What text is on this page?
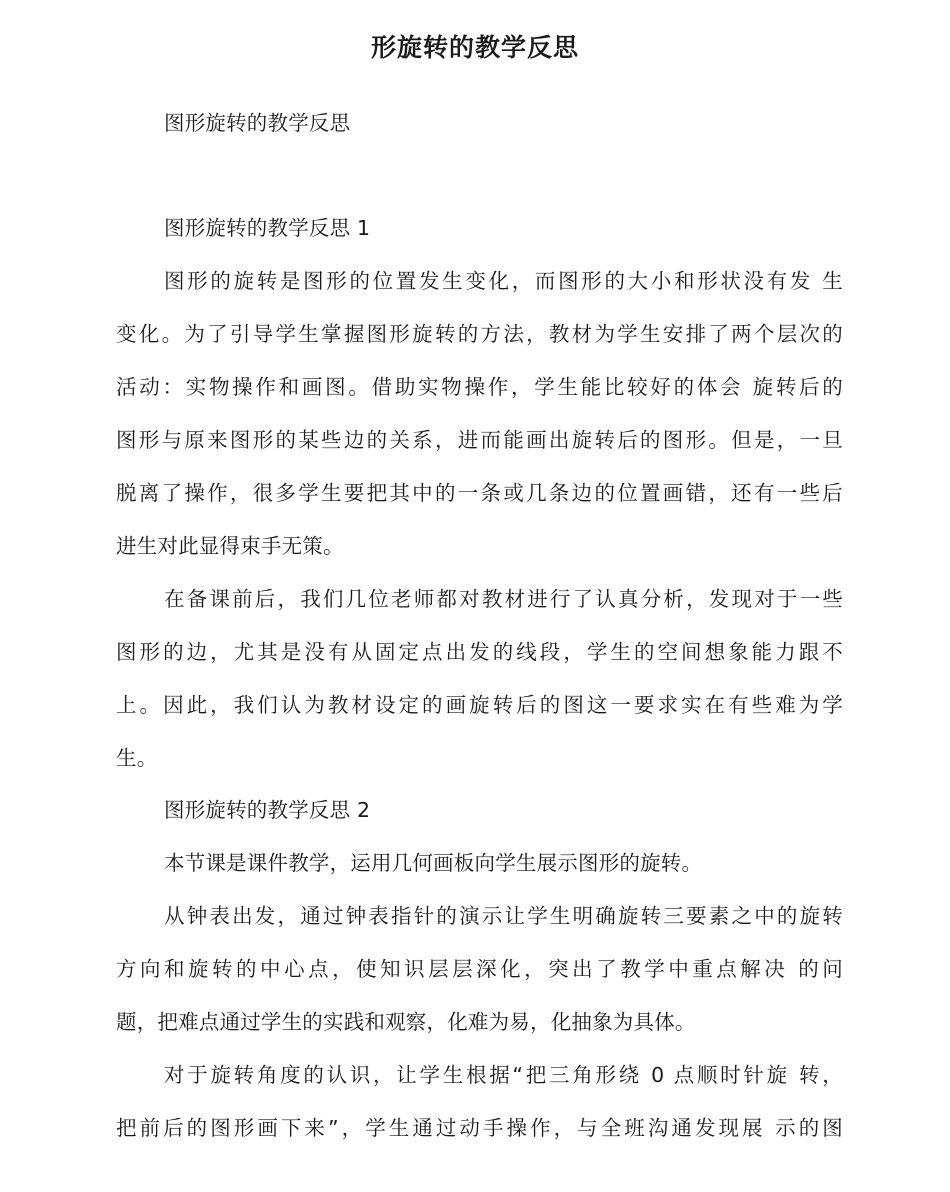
形旋转的教学反思
图形旋转的教学反思
图形旋转的教学反思 1
图形的旋转是图形的位置发生变化，而图形的大小和形状没有发 生
变化。为了引导学生掌握图形旋转的方法，教材为学生安排了两个层次的
活动：实物操作和画图。借助实物操作，学生能比较好的体会 旋转后的
图形与原来图形的某些边的关系，进而能画出旋转后的图形。但是，一旦
脱离了操作，很多学生要把其中的一条或几条边的位置画错，还有一些后
进生对此显得束手无策。
在备课前后，我们几位老师都对教材进行了认真分析，发现对于一些
图形的边，尤其是没有从固定点出发的线段，学生的空间想象能力跟不
上。因此，我们认为教材设定的画旋转后的图这一要求实在有些难为学
生。
图形旋转的教学反思 2
本节课是课件教学，运用几何画板向学生展示图形的旋转。
从钟表出发，通过钟表指针的演示让学生明确旋转三要素之中的旋转
方向和旋转的中心点，使知识层层深化，突出了教学中重点解决 的问
题，把难点通过学生的实践和观察，化难为易，化抽象为具体。
对于旋转角度的认识，让学生根据“把三角形绕 0 点顺时针旋 转，
把前后的图形画下来”，学生通过动手操作，与全班沟通发现展 示的图
